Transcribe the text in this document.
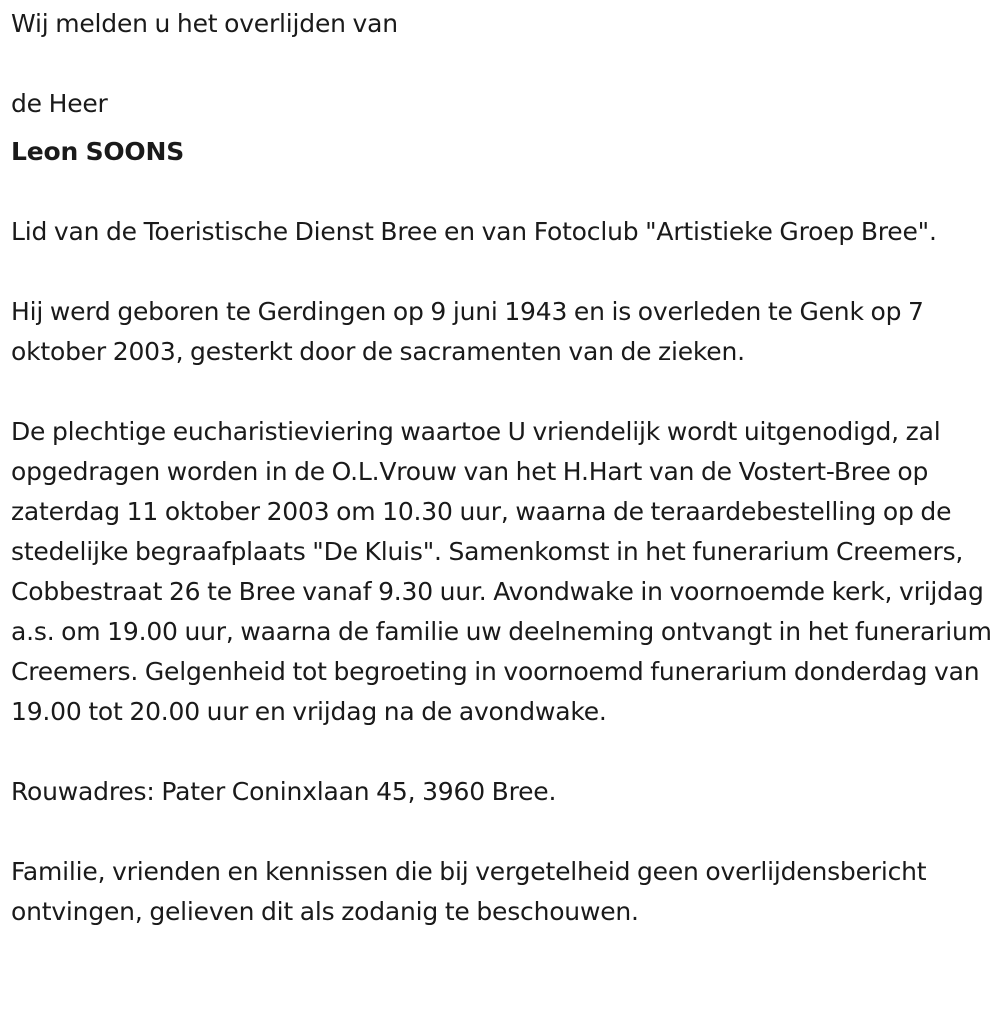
Wij melden u het overlijden van

de Heer

Leon SOONS

Lid van de Toeristische Dienst Bree en van Fotoclub "Artistieke Groep Bree".

Hij werd geboren te Gerdingen op 9 juni 1943 en is overleden te Genk op 7 oktober 2003, gesterkt door de sacramenten van de zieken.

De plechtige eucharistieviering waartoe U vriendelijk wordt uitgenodigd, zal opgedragen worden in de O.L.Vrouw van het H.Hart van de Vostert-Bree op zaterdag 11 oktober 2003 om 10.30 uur, waarna de teraardebestelling op de stedelijke begraafplaats "De Kluis". Samenkomst in het funerarium Creemers, Cobbestraat 26 te Bree vanaf 9.30 uur. Avondwake in voornoemde kerk, vrijdag a.s. om 19.00 uur, waarna de familie uw deelneming ontvangt in het funerarium Creemers. Gelgenheid tot begroeting in voornoemd funerarium donderdag van 19.00 tot 20.00 uur en vrijdag na de avondwake.

Rouwadres: Pater Coninxlaan 45, 3960 Bree.

Familie, vrienden en kennissen die bij vergetelheid geen overlijdensbericht ontvingen, gelieven dit als zodanig te beschouwen.
